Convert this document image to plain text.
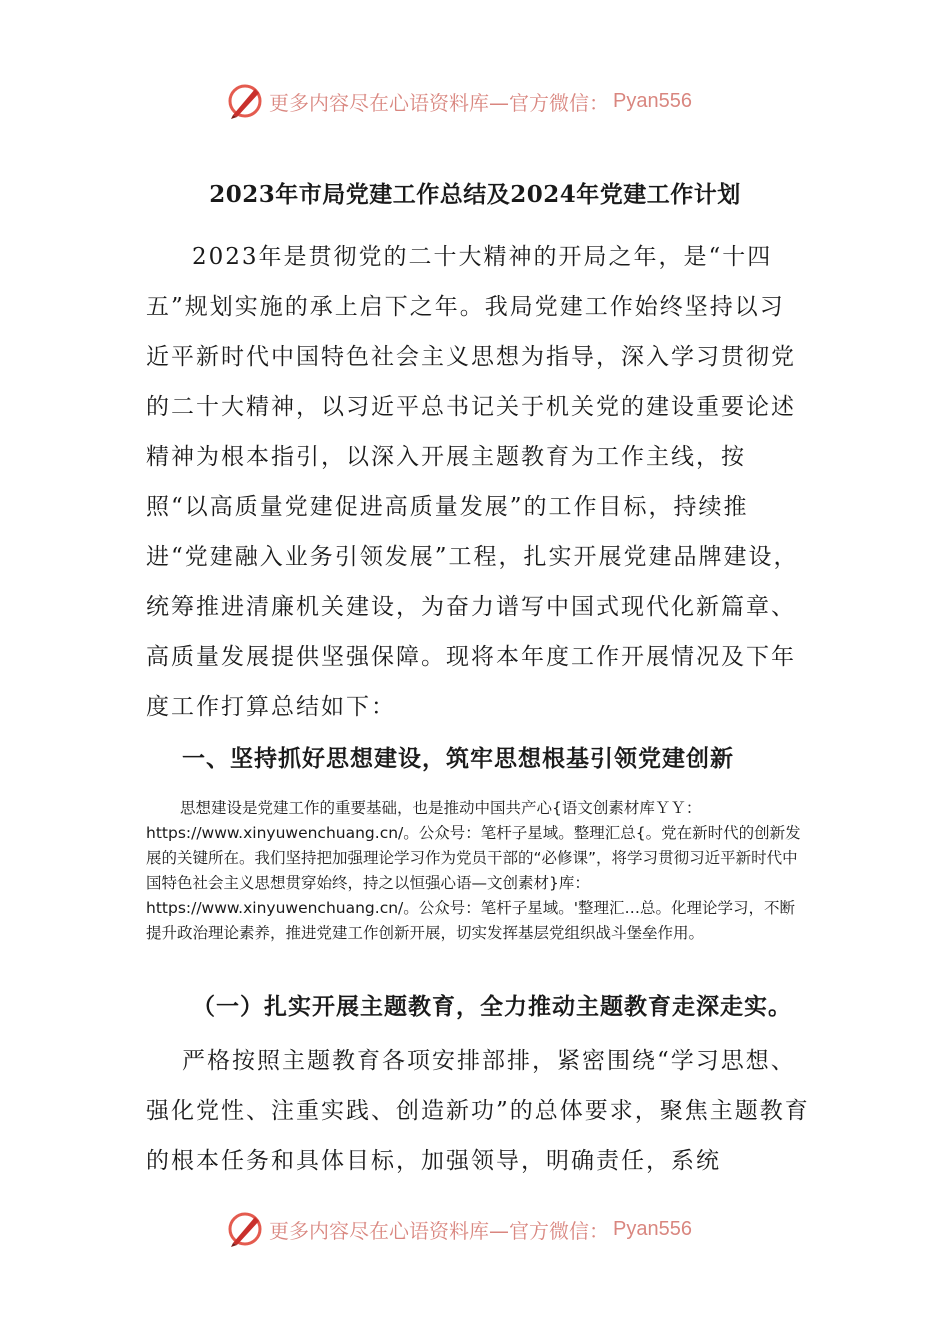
更多内容尽在心语资料库—官方微信： Pyan556
2023年市局党建工作总结及2024年党建工作计划

2023年是贯彻党的二十大精神的开局之年，是“十四五”规划实施的承上启下之年。我局党建工作始终坚持以习近平新时代中国特色社会主义思想为指导，深入学习贯彻党的二十大精神，以习近平总书记关于机关党的建设重要论述精神为根本指引，以深入开展主题教育为工作主线，按照“以高质量党建促进高质量发展”的工作目标，持续推进“党建融入业务引领发展”工程，扎实开展党建品牌建设，统筹推进清廉机关建设，为奋力谱写中国式现代化新篇章、高质量发展提供坚强保障。现将本年度工作开展情况及下年度工作打算总结如下：

一、坚持抓好思想建设，筑牢思想根基引领党建创新

思想建设是党建工作的重要基础，也是推动中国共产心{语文创素材库ＹＹ：https://www.xinyuwenchuang.cn/。公众号：笔杆子星域。整理汇总{。党在新时代的创新发展的关键所在。我们坚持把加强理论学习作为党员干部的“必修课”，将学习贯彻习近平新时代中国特色社会主义思想贯穿始终，持之以恒强心语—文创素材}库：https://www.xinyuwenchuang.cn/。公众号：笔杆子星域。'整理汇…总。化理论学习，不断提升政治理论素养，推进党建工作创新开展，切实发挥基层党组织战斗堡垒作用。

（一）扎实开展主题教育，全力推动主题教育走深走实。

严格按照主题教育各项安排部排，紧密围绕“学习思想、强化党性、注重实践、创造新功”的总体要求，聚焦主题教育的根本任务和具体目标，加强领导，明确责任，系统

更多内容尽在心语资料库—官方微信： Pyan556
